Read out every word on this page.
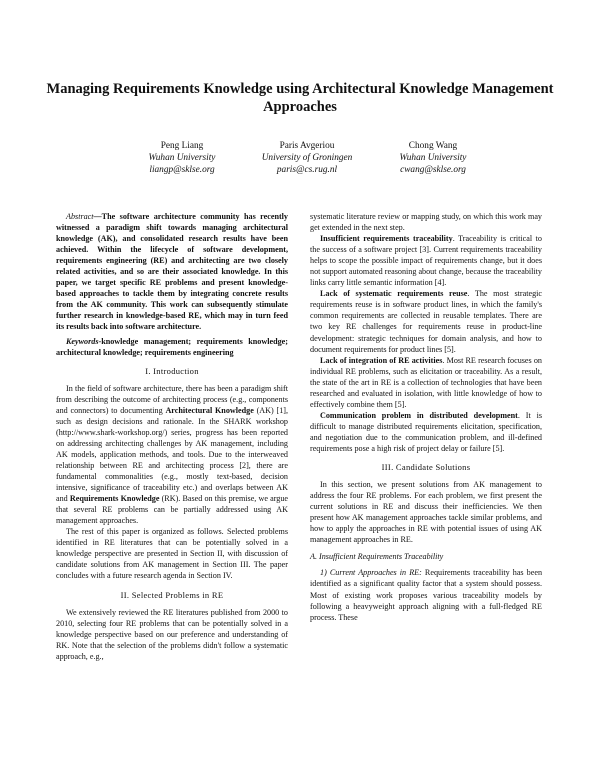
Managing Requirements Knowledge using Architectural Knowledge Management
Approaches
Peng Liang
Wuhan University
liangp@sklse.org
Paris Avgeriou
University of Groningen
paris@cs.rug.nl
Chong Wang
Wuhan University
cwang@sklse.org

Abstract—The software architecture community has recently witnessed a paradigm shift towards managing architectural knowledge (AK), and consolidated research results have been achieved. Within the lifecycle of software development, requirements engineering (RE) and architecting are two closely related activities, and so are their associated knowledge. In this paper, we target specific RE problems and present knowledge-based approaches to tackle them by integrating concrete results from the AK community. This work can subsequently stimulate further research in knowledge-based RE, which may in turn feed its results back into software architecture.

Keywords-knowledge management; requirements knowledge; architectural knowledge; requirements engineering

I. Introduction

In the field of software architecture, there has been a paradigm shift from describing the outcome of architecting process (e.g., components and connectors) to documenting Architectural Knowledge (AK) [1], such as design decisions and rationale. In the SHARK workshop (http://www.shark-workshop.org/) series, progress has been reported on addressing architecting challenges by AK management, including AK models, application methods, and tools. Due to the interweaved relationship between RE and architecting process [2], there are fundamental commonalities (e.g., mostly text-based, decision intensive, significance of traceability etc.) and overlaps between AK and Requirements Knowledge (RK). Based on this premise, we argue that several RE problems can be partially addressed using AK management approaches.

The rest of this paper is organized as follows. Selected problems identified in RE literatures that can be potentially solved in a knowledge perspective are presented in Section II, with discussion of candidate solutions from AK management in Section III. The paper concludes with a future research agenda in Section IV.

II. Selected Problems in RE

We extensively reviewed the RE literatures published from 2000 to 2010, selecting four RE problems that can be potentially solved in a knowledge perspective based on our preference and understanding of RK. Note that the selection of the problems didn't follow a systematic approach, e.g.,

systematic literature review or mapping study, on which this work may get extended in the next step.

Insufficient requirements traceability. Traceability is critical to the success of a software project [3]. Current requirements traceability helps to scope the possible impact of requirements change, but it does not support automated reasoning about change, because the traceability links carry little semantic information [4].

Lack of systematic requirements reuse. The most strategic requirements reuse is in software product lines, in which the family's common requirements are collected in reusable templates. There are two key RE challenges for requirements reuse in product-line development: strategic techniques for domain analysis, and how to document requirements for product lines [5].

Lack of integration of RE activities. Most RE research focuses on individual RE problems, such as elicitation or traceability. As a result, the state of the art in RE is a collection of technologies that have been researched and evaluated in isolation, with little knowledge of how to effectively combine them [5].

Communication problem in distributed development. It is difficult to manage distributed requirements elicitation, specification, and negotiation due to the communication problem, and ill-defined requirements pose a high risk of project delay or failure [5].

III. Candidate Solutions

In this section, we present solutions from AK management to address the four RE problems. For each problem, we first present the current solutions in RE and discuss their inefficiencies. We then present how AK management approaches tackle similar problems, and how to apply the approaches in RE with potential issues of using AK management approaches in RE.

A. Insufficient Requirements Traceability

1) Current Approaches in RE: Requirements traceability has been identified as a significant quality factor that a system should possess. Most of existing work proposes various traceability models by following a heavyweight approach aligning with a full-fledged RE process. These
